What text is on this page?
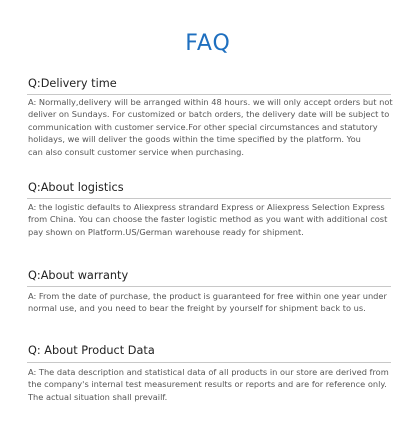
FAQ
Q:Delivery time
A: Normally,delivery will be arranged within 48 hours. we will only accept orders but not
deliver on Sundays. For customized or batch orders, the delivery date will be subject to
communication with customer service.For other special circumstances and statutory
holidays, we will deliver the goods within the time specified by the platform. You
can also consult customer service when purchasing.
Q:About logistics
A: the logistic defaults to Aliexpress strandard Express or Aliexpress Selection Express
from China. You can choose the faster logistic method as you want with additional cost
pay shown on Platform.US/German warehouse ready for shipment.
Q:About warranty
A: From the date of purchase, the product is guaranteed for free within one year under
normal use, and you need to bear the freight by yourself for shipment back to us.
Q: About Product Data
A: The data description and statistical data of all products in our store are derived from
the company's internal test measurement results or reports and are for reference only.
The actual situation shall prevailf.
